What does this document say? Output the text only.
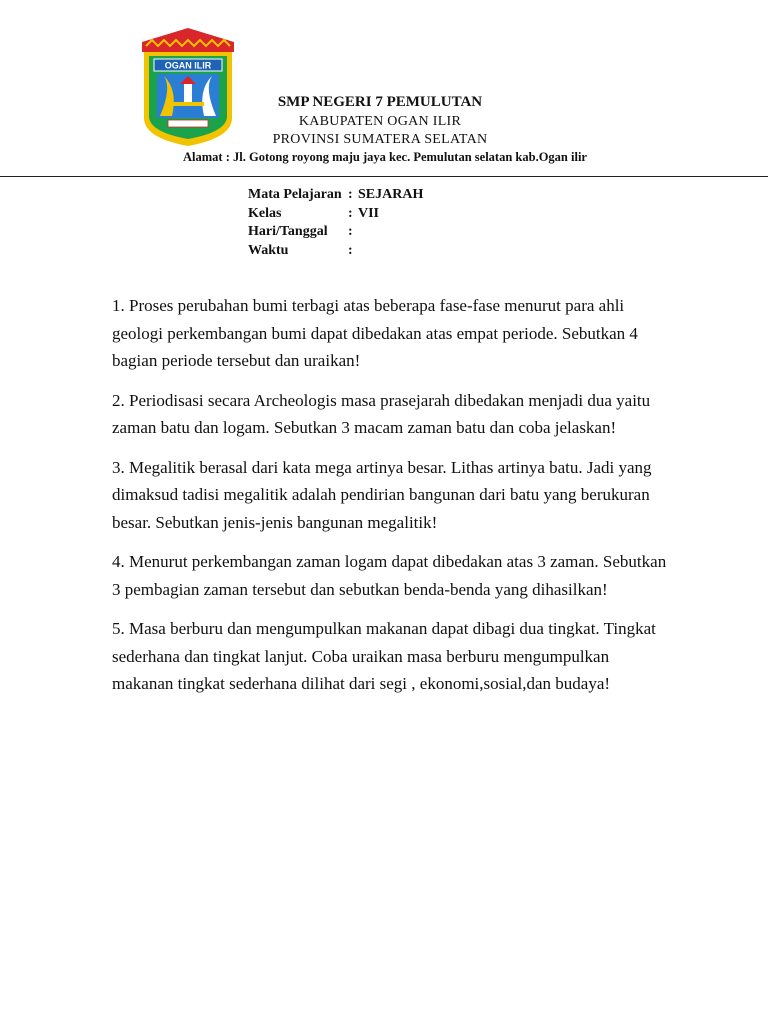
OGAN ILIR
SMP NEGERI 7 PEMULUTAN
KABUPATEN OGAN ILIR
PROVINSI SUMATERA SELATAN
Alamat : Jl. Gotong royong maju jaya kec. Pemulutan selatan kab.Ogan ilir
Mata Pelajaran : SEJARAH
Kelas	: VII
Hari/Tanggal :
Waktu	:

1. Proses perubahan bumi terbagi atas beberapa fase-fase menurut para ahli geologi perkembangan bumi dapat dibedakan atas empat periode. Sebutkan 4 bagian periode tersebut dan uraikan!

2. Periodisasi secara Archeologis masa prasejarah dibedakan menjadi dua yaitu zaman batu dan logam. Sebutkan 3 macam zaman batu dan coba jelaskan!

3. Megalitik berasal dari kata mega artinya besar. Lithas artinya batu. Jadi yang dimaksud tadisi megalitik adalah pendirian bangunan dari batu yang berukuran besar. Sebutkan jenis-jenis bangunan megalitik!

4. Menurut perkembangan zaman logam dapat dibedakan atas 3 zaman. Sebutkan 3 pembagian zaman tersebut dan sebutkan benda-benda yang dihasilkan!

5. Masa berburu dan mengumpulkan makanan dapat dibagi dua tingkat. Tingkat sederhana dan tingkat lanjut. Coba uraikan masa berburu mengumpulkan makanan tingkat sederhana dilihat dari segi , ekonomi,sosial,dan budaya!
